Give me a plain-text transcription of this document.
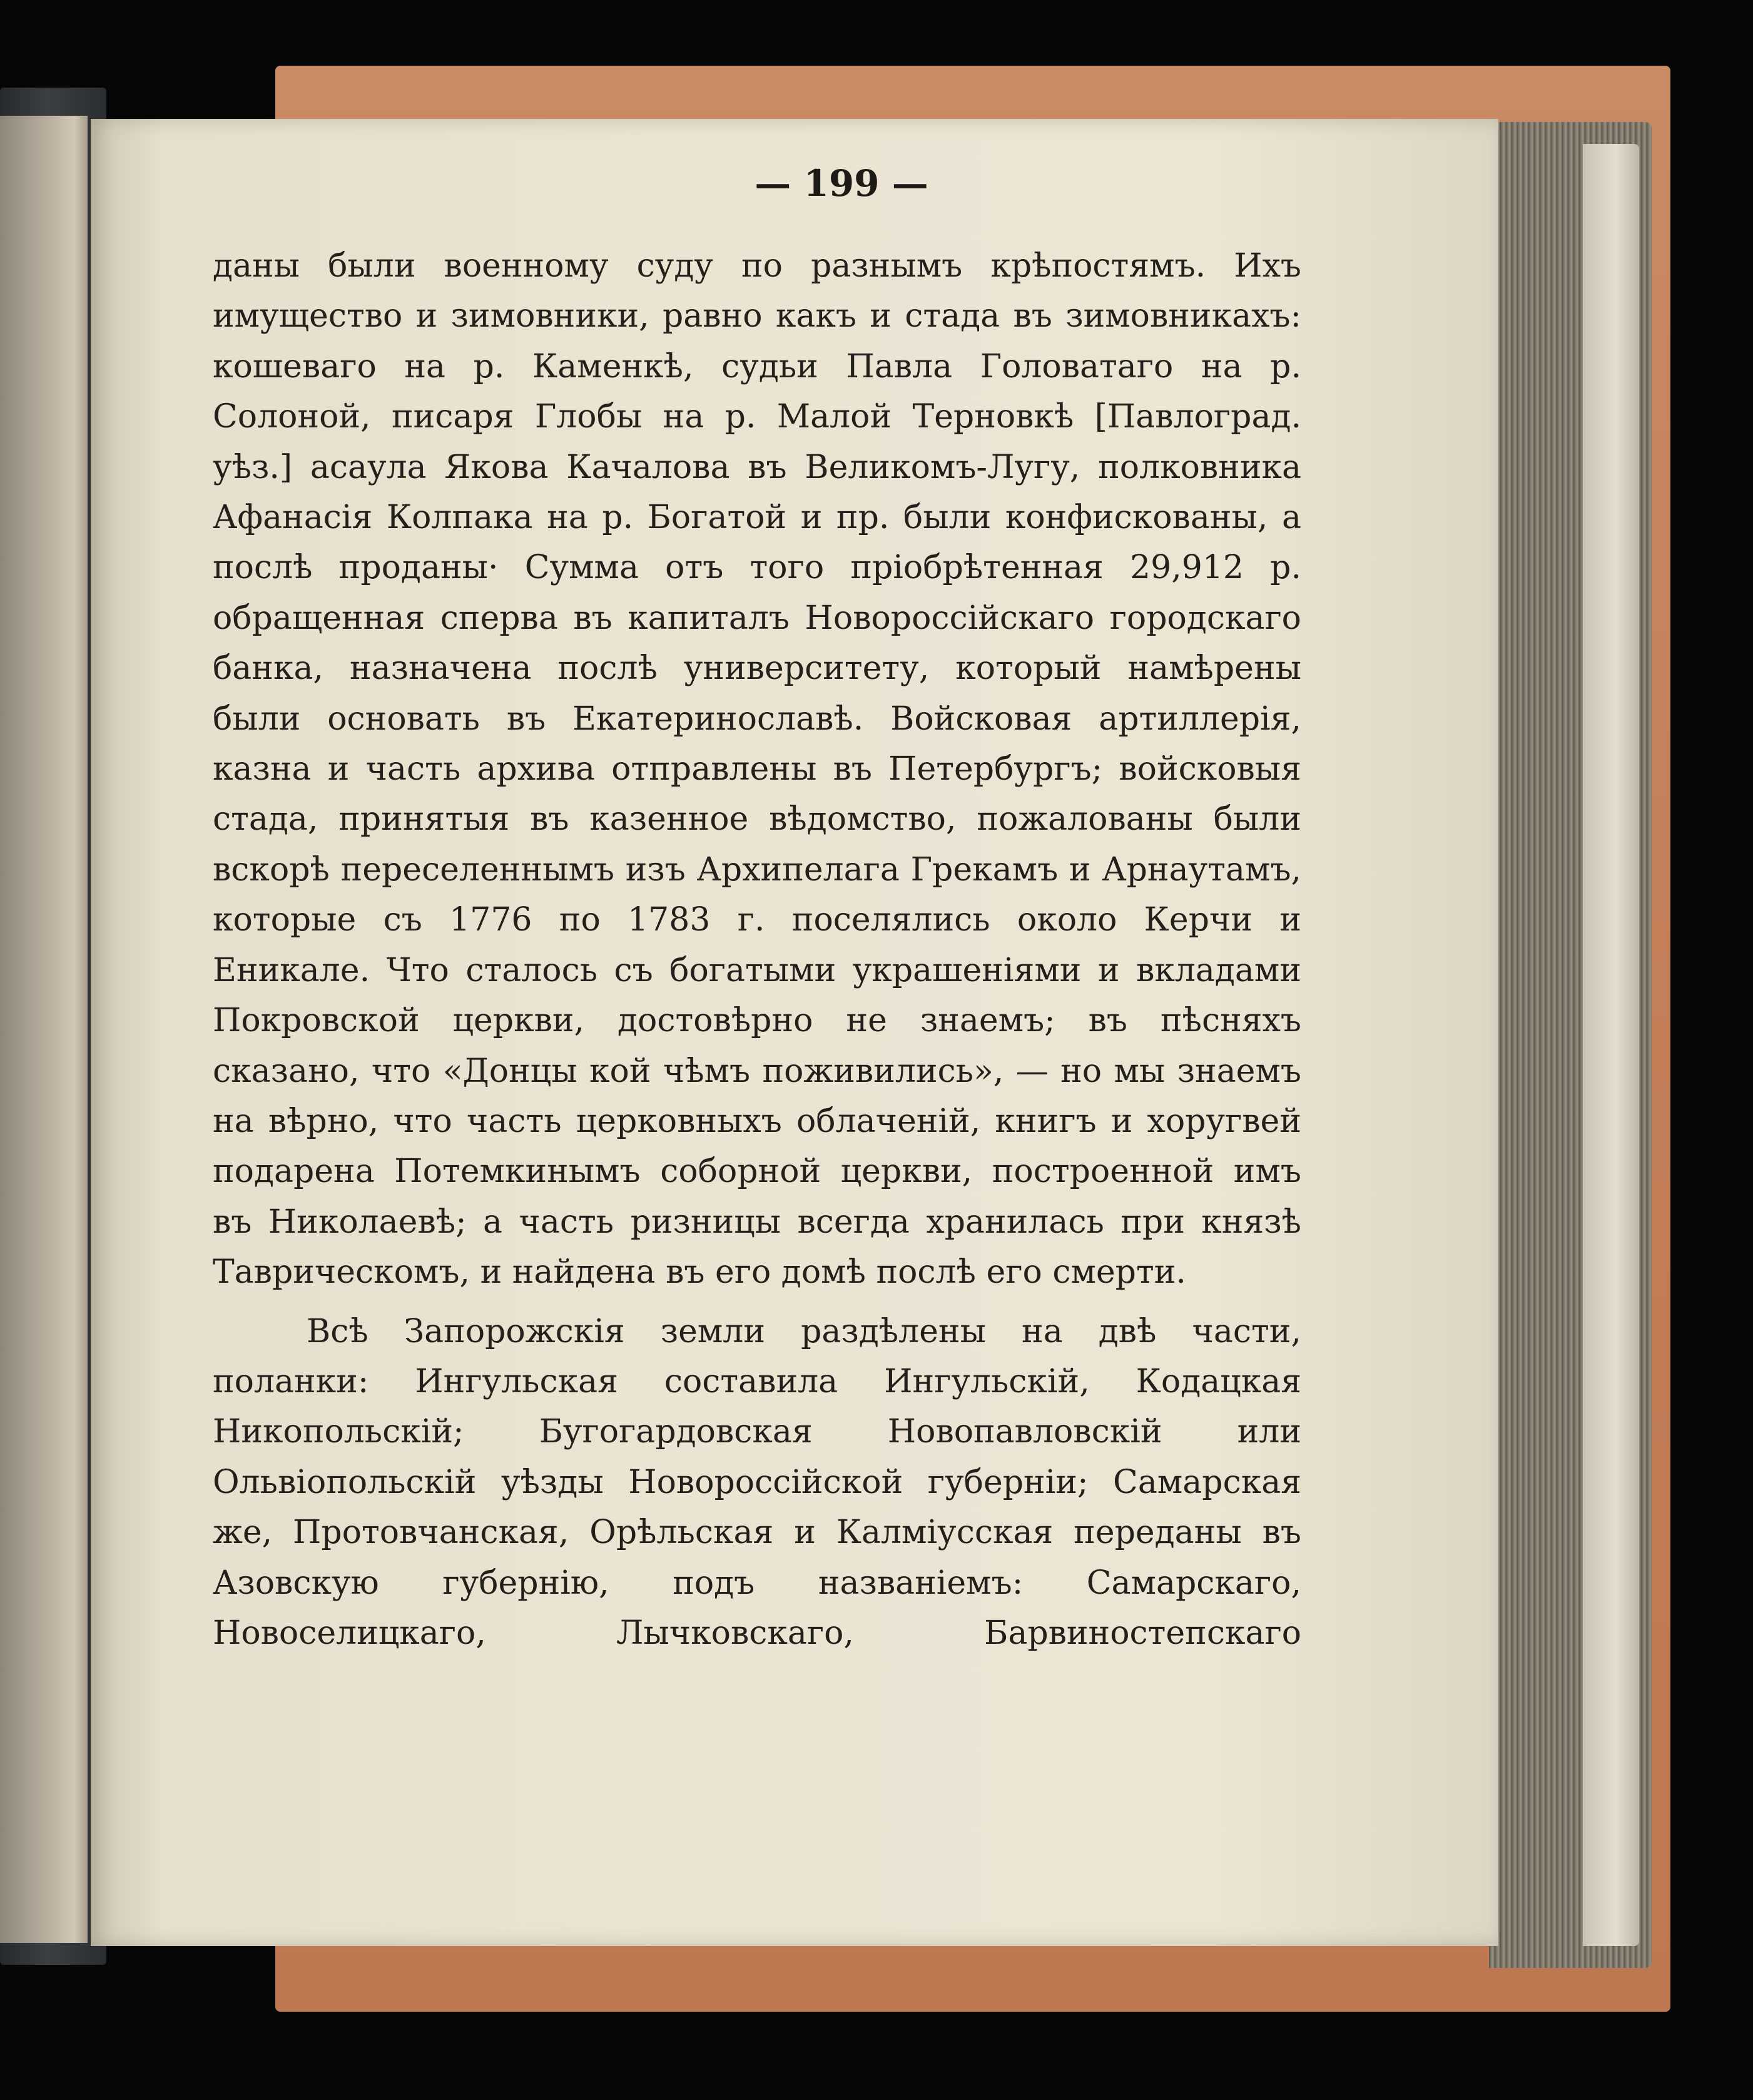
— 199 —

даны были военному суду по разнымъ крѣпостямъ. Ихъ имущество и зимовники, равно какъ и стада въ зимовникахъ: кошеваго на р. Каменкѣ, судьи Павла Головатаго на р. Солоной, писаря Глобы на р. Малой Терновкѣ [Павлоград. уѣз.] асаула Якова Качалова въ Великомъ-Лугу, полковника Афанасія Колпака на р. Богатой и пр. были конфискованы, а послѣ проданы· Сумма отъ того пріобрѣтенная 29,912 р. обращенная сперва въ капиталъ Новороссійскаго городскаго банка, назначена послѣ университету, который намѣрены были основать въ Екатеринославѣ. Войсковая артиллерія, казна и часть архива отправлены въ Петербургъ; войсковыя стада, принятыя въ казенное вѣдомство, пожалованы были вскорѣ переселеннымъ изъ Архипелага Грекамъ и Арнаутамъ, которые съ 1776 по 1783 г. поселялись около Керчи и Еникале. Что сталось съ богатыми украшеніями и вкладами Покровской церкви, достовѣрно не знаемъ; въ пѣсняхъ сказано, что «Донцы кой чѣмъ поживились», — но мы знаемъ на вѣрно, что часть церковныхъ облаченій, книгъ и хоругвей подарена Потемкинымъ соборной церкви, построенной имъ въ Николаевѣ; а часть ризницы всегда хранилась при князѣ Таврическомъ, и найдена въ его домѣ послѣ его смерти.

Всѣ Запорожскія земли раздѣлены на двѣ части, поланки: Ингульская составила Ингульскій, Кодацкая Никопольскій; Бугогардовская Новопавловскій или Ольвіопольскій уѣзды Новороссійской губерніи; Самарская же, Протовчанская, Орѣльская и Калміусская переданы въ Азовскую губернію, подъ названіемъ: Самарскаго, Новоселицкаго, Лычковскаго, Барвиностепскаго
